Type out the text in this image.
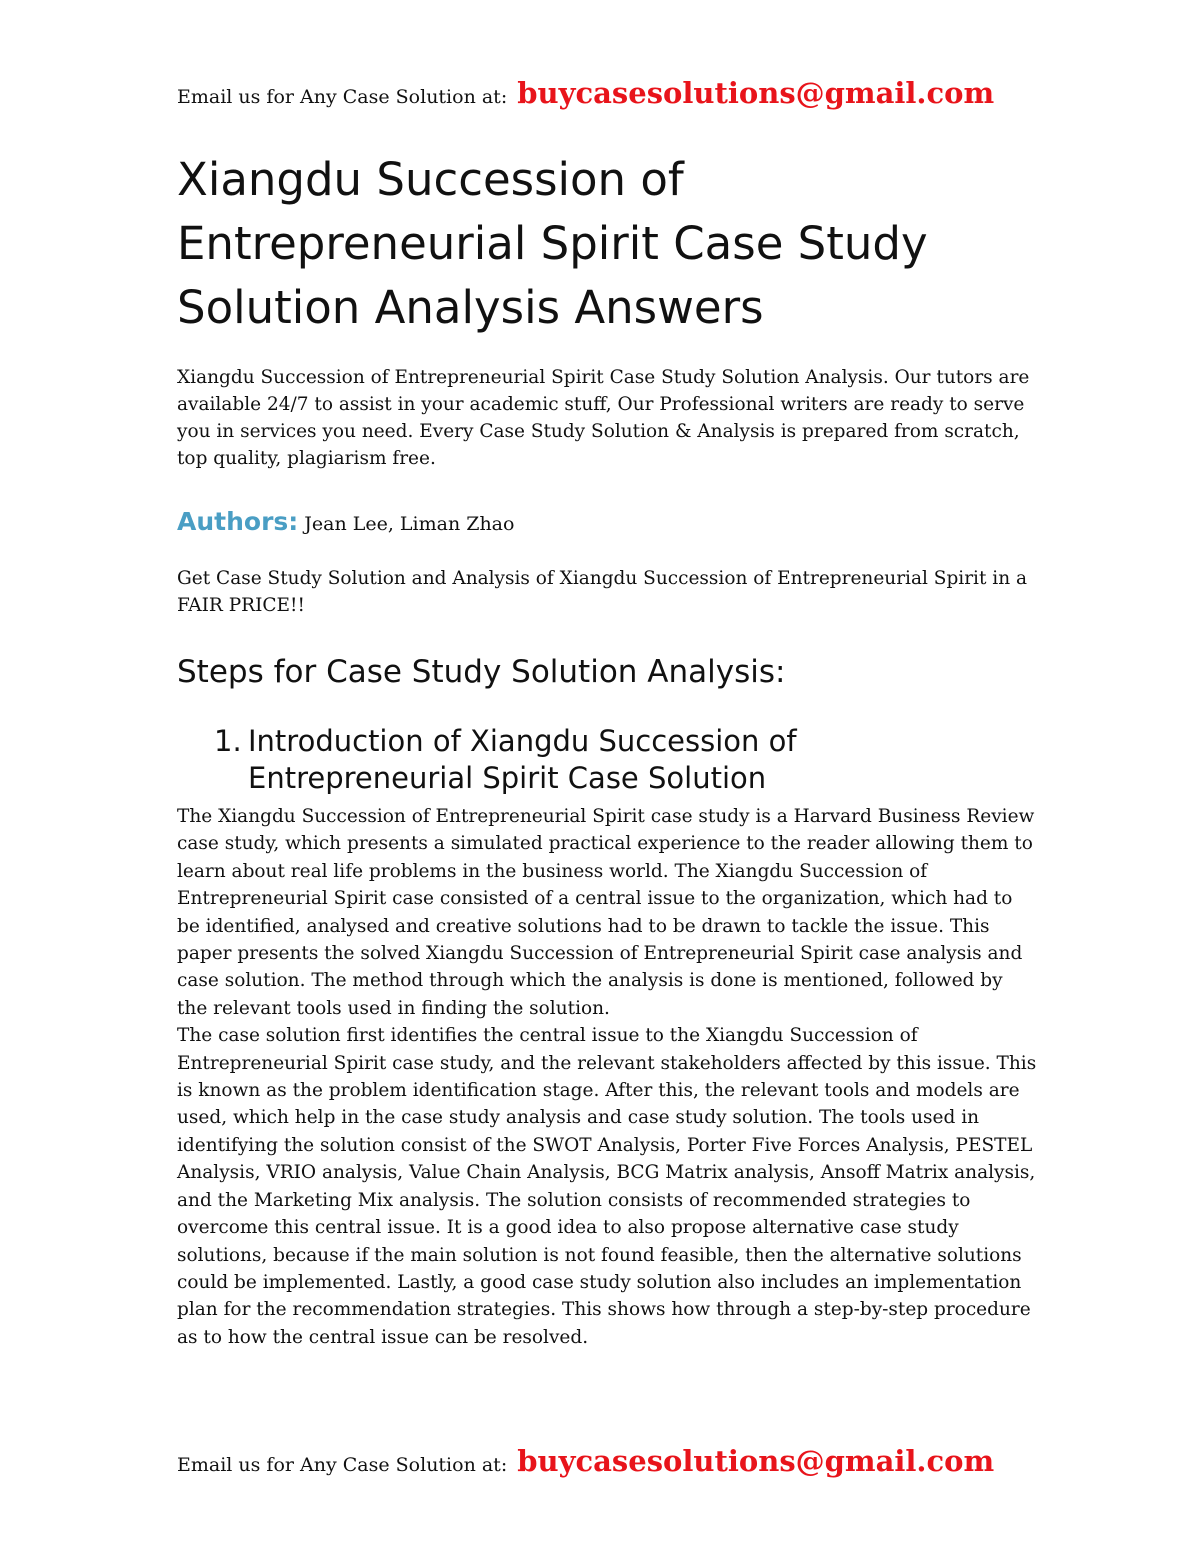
Email us for Any Case Solution at: buycasesolutions@gmail.com
Xiangdu Succession of Entrepreneurial Spirit Case Study Solution Analysis Answers

Xiangdu Succession of Entrepreneurial Spirit Case Study Solution Analysis. Our tutors are available 24/7 to assist in your academic stuff, Our Professional writers are ready to serve you in services you need. Every Case Study Solution & Analysis is prepared from scratch, top quality, plagiarism free.

Authors: Jean Lee, Liman Zhao

Get Case Study Solution and Analysis of Xiangdu Succession of Entrepreneurial Spirit in a FAIR PRICE!!

Steps for Case Study Solution Analysis:
1. Introduction of Xiangdu Succession of
Entrepreneurial Spirit Case Solution

The Xiangdu Succession of Entrepreneurial Spirit case study is a Harvard Business Review case study, which presents a simulated practical experience to the reader allowing them to learn about real life problems in the business world. The Xiangdu Succession of Entrepreneurial Spirit case consisted of a central issue to the organization, which had to be identified, analysed and creative solutions had to be drawn to tackle the issue. This paper presents the solved Xiangdu Succession of Entrepreneurial Spirit case analysis and case solution. The method through which the analysis is done is mentioned, followed by the relevant tools used in finding the solution.

The case solution first identifies the central issue to the Xiangdu Succession of Entrepreneurial Spirit case study, and the relevant stakeholders affected by this issue. This is known as the problem identification stage. After this, the relevant tools and models are used, which help in the case study analysis and case study solution. The tools used in identifying the solution consist of the SWOT Analysis, Porter Five Forces Analysis, PESTEL Analysis, VRIO analysis, Value Chain Analysis, BCG Matrix analysis, Ansoff Matrix analysis, and the Marketing Mix analysis. The solution consists of recommended strategies to overcome this central issue. It is a good idea to also propose alternative case study solutions, because if the main solution is not found feasible, then the alternative solutions could be implemented. Lastly, a good case study solution also includes an implementation plan for the recommendation strategies. This shows how through a step-by-step procedure as to how the central issue can be resolved.

Email us for Any Case Solution at: buycasesolutions@gmail.com
